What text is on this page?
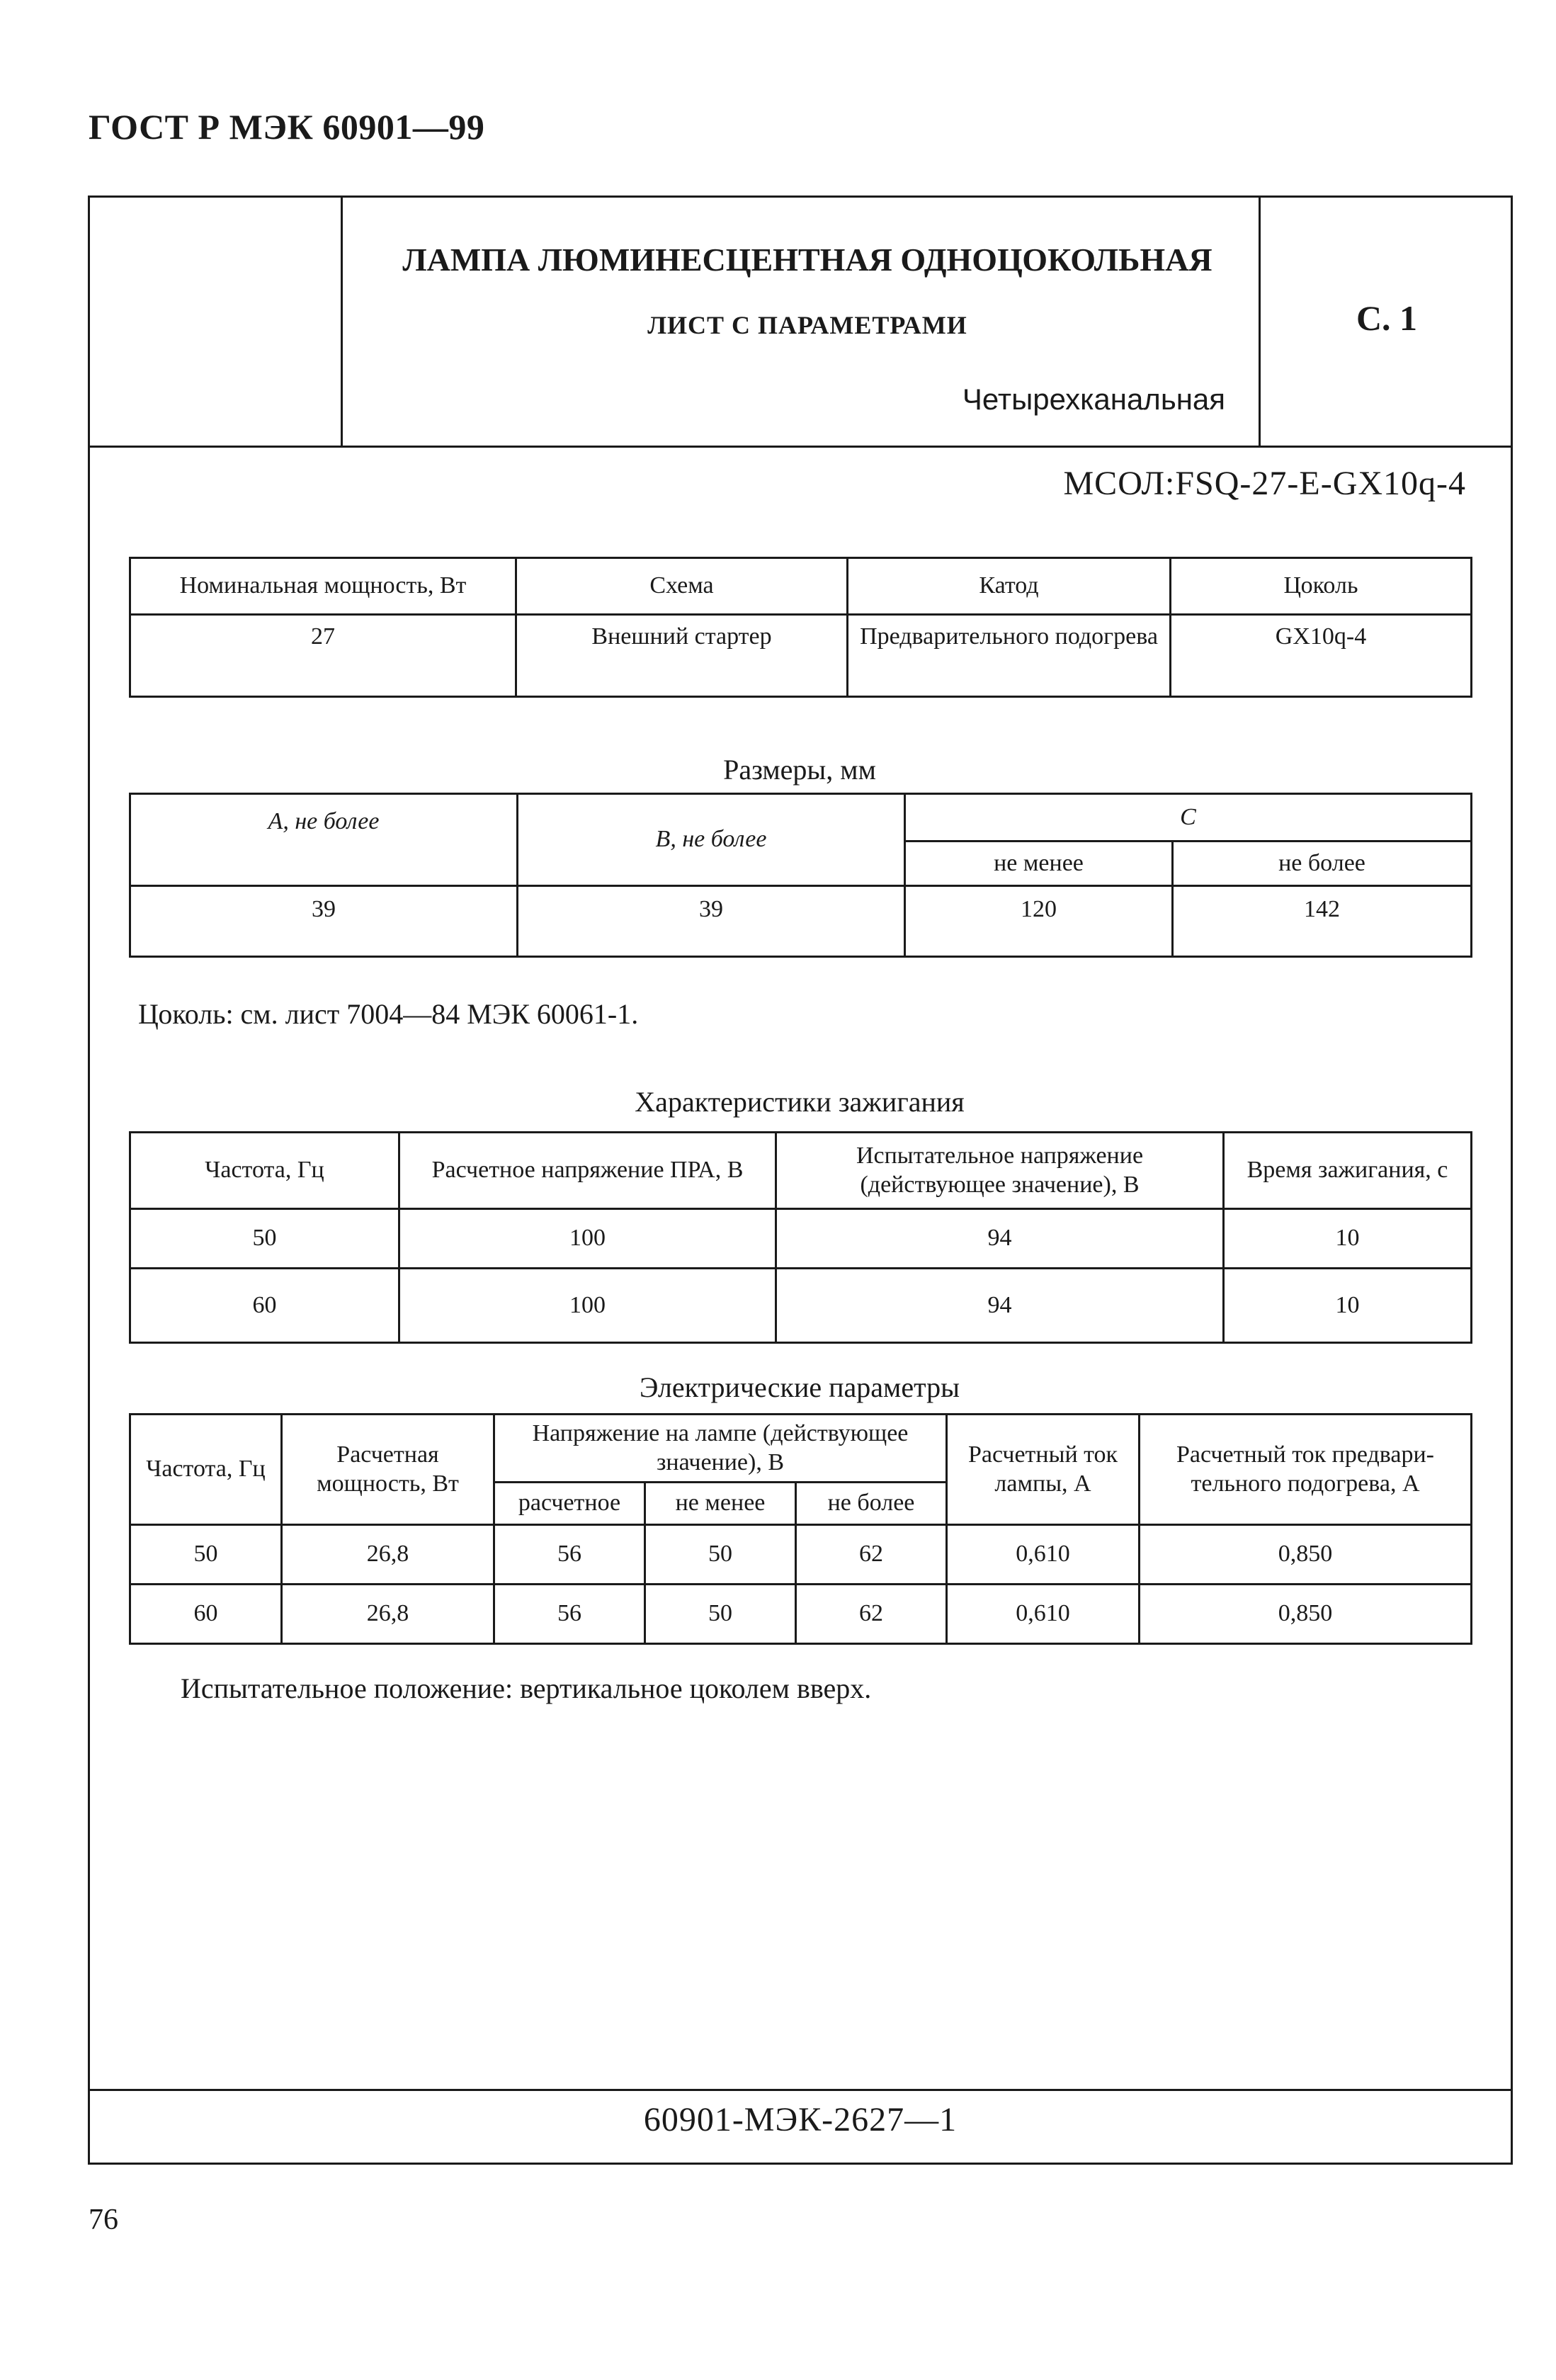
ГОСТ Р МЭК 60901—99
ЛАМПА ЛЮМИНЕСЦЕНТНАЯ ОДНОЦОКОЛЬНАЯ
ЛИСТ С ПАРАМЕТРАМИ
Четырехканальная
С. 1
МСОЛ:FSQ-27-E-GX10q-4
Номинальная мощность, Вт	Схема	Катод	Цоколь
27	Внешний стартер	Предварительного подогрева	GX10q-4
Размеры, мм
A, не более	B, не более	C	
		не менее	не более
39	39	120	142
Цоколь: см. лист 7004—84 МЭК 60061-1.
Характеристики зажигания
Частота, Гц	Расчетное напряжение ПРА, В	Испытательное напряжение (действующее значение), В	Время зажигания, с
50	100	94	10
60	100	94	10
Электрические параметры
Частота, Гц	Расчетная мощность, Вт	Напряжение на лампе (действующее значение), В			Расчетный ток лампы, А	Расчетный ток предвари-тельного подогрева, А
		расчетное	не менее	не более		
50	26,8	56	50	62	0,610	0,850
60	26,8	56	50	62	0,610	0,850
Испытательное положение: вертикальное цоколем вверх.
60901-МЭК-2627—1
76
